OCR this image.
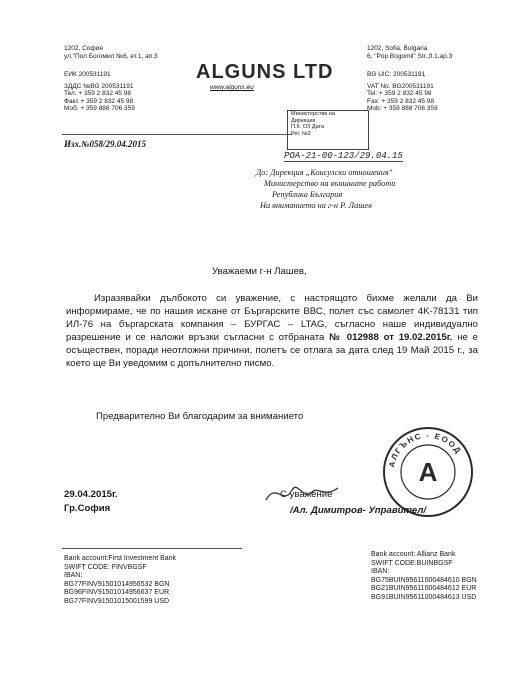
1202, София
ул."Пол Богомил №6, ет.1, ап.3
ЕИК 200531191
ЗДДС №BG 200531191
Тел. + 359 2 832 45 98
Факс + 359 2 832 45 98
Моб. + 359 888 706 359
ALGUNS LTD
www.alguns.eu
1202, Sofia, Bulgaria
6, "Pop Bogomil" Str.,fl.1,ap.3
BG UIC: 200531191
VAT No. BG200531191
Tel: + 359 2 832 45 98
Fax: + 359 2 832 45 98
Mob: + 359 888 706 359
Изх.№058/29.04.2015
Министерство на
Дирекция
П.К. ОЗ Дата
Рег. №2
РОА-21-00-123/29.04.15
До: Дирекция „Консулски отношения"
Министерство на външните работи
Република България
На вниманието на г-н Р. Лашев
Уважаеми г-н Лашев,
Изразявайки дълбокото си уважение, с настоящото бихме желали да Ви информираме, че по нашия искане от Бъргарските ВВС, полет със самолет 4K-78131 тип ИЛ-76 на бъргарската компания – БУРГАС – LTAG, съгласно наше индивидуално разрешение и се наложи връзки съгласни с отбраната № 012988 от 19.02.2015г. не е осъществен, поради неотложни причини, полетъ се отлага за дата след 19 Май 2015 г., за което ще Ви уведомим с допълнително писмо.
Предварително Ви благодарим за вниманието
АЛГЪНС - ЕООД
А
29.04.2015г.
Гр.София
С уважение
/Ал. Димитров- Управител/
Bank account:First Investment Bank
SWIFT CODE: FINVBGSF
IBAN:
BG77FINV91501014956532 BGN
BG96FINV91501014956637 EUR
BG77FINV91501015001599 USD
Bank account: Allianz Bank
SWIFT CODE:BUINBGSF
IBAN:
BG75BUIN95611000484610 BGN
BG21BUIN95611000484612 EUR
BG91BUIN95611000484613 USD
